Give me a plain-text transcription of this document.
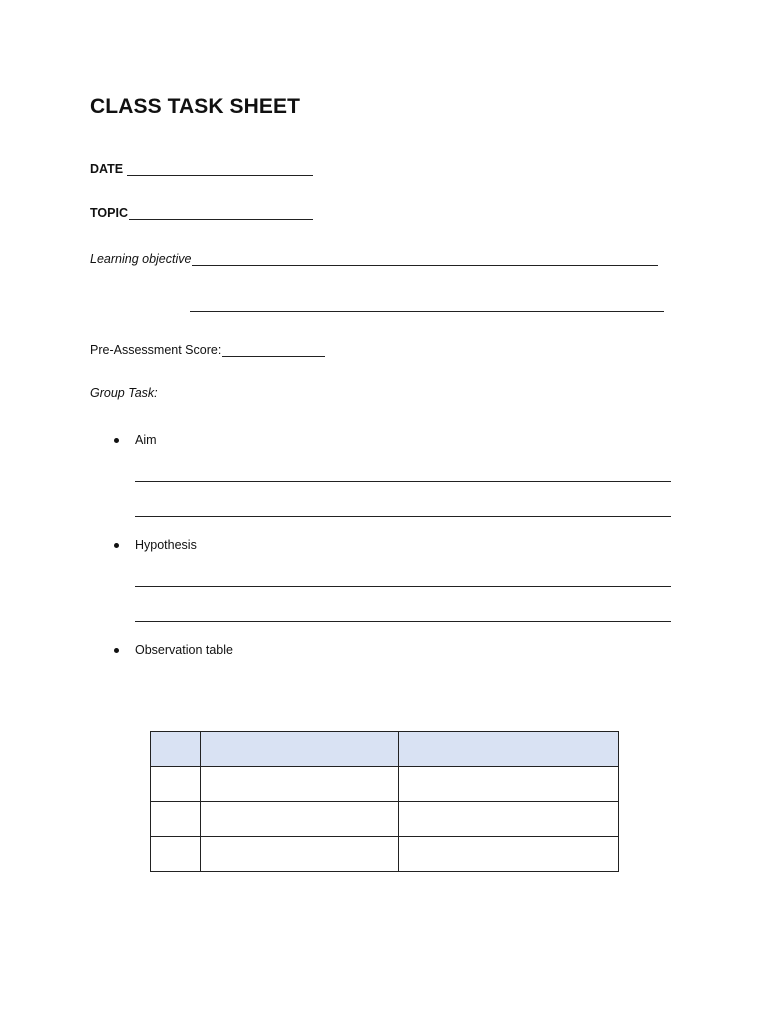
CLASS TASK SHEET
DATE
TOPIC
Learning objective
Pre-Assessment Score:
Group Task:
Aim
Hypothesis
Observation table
